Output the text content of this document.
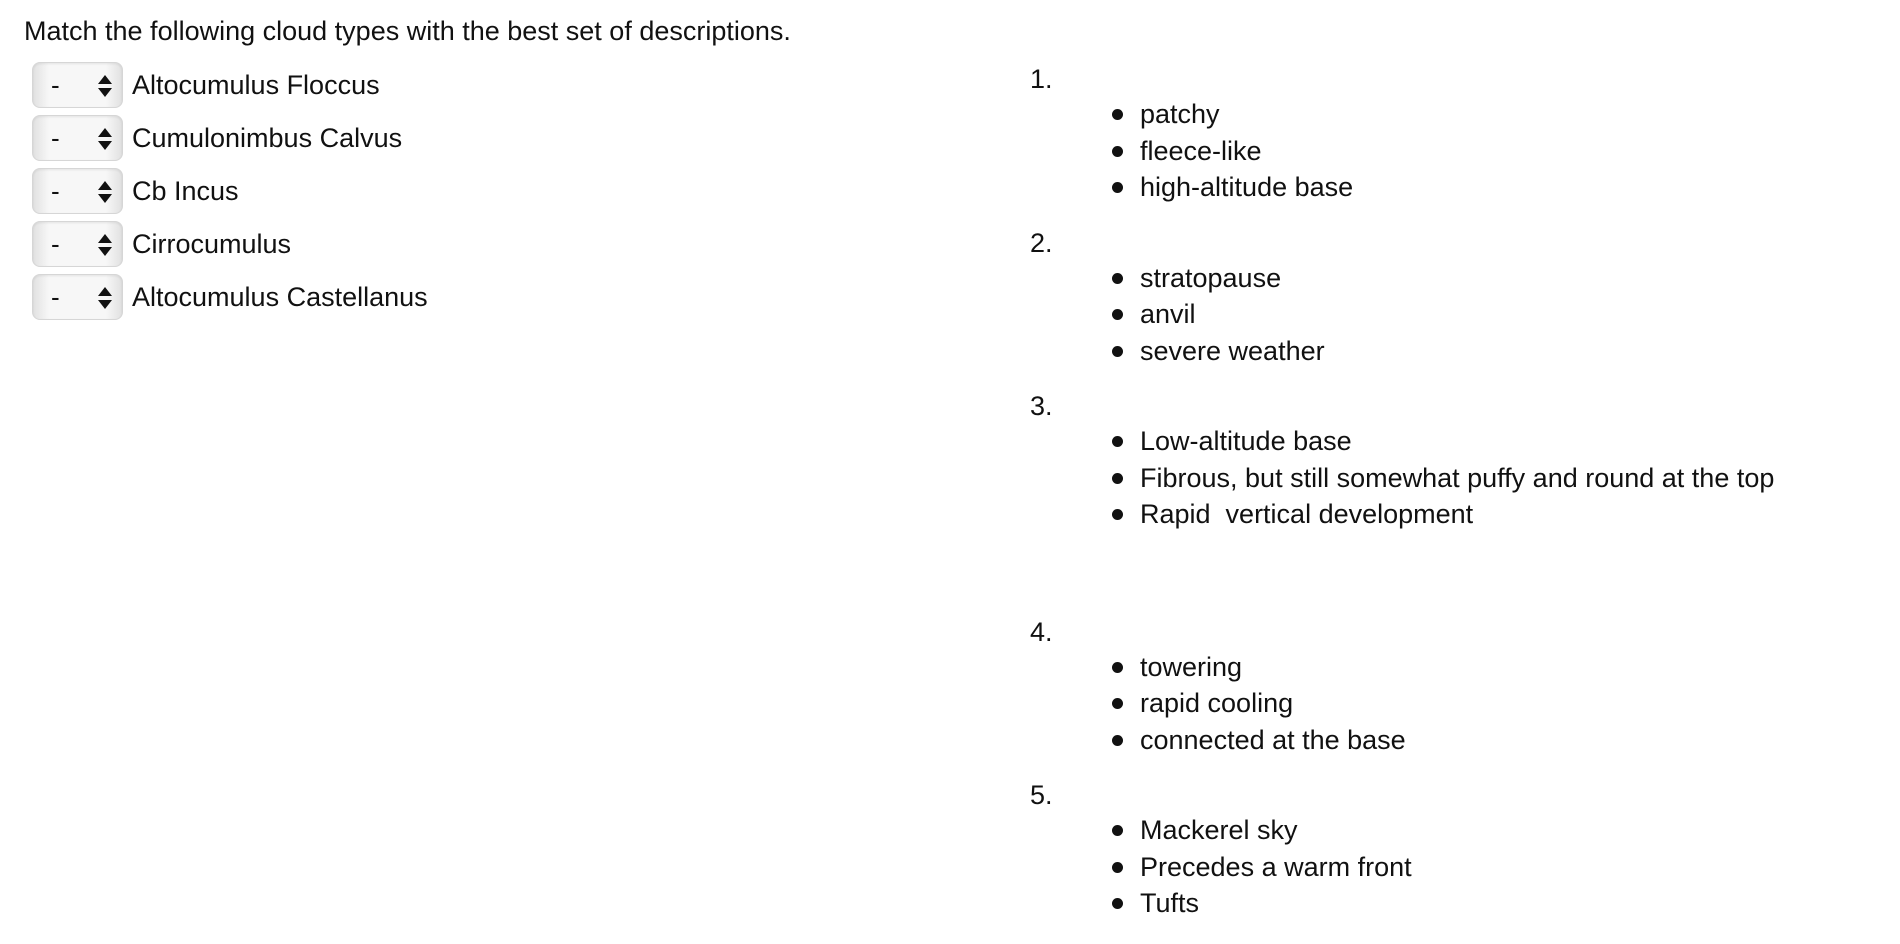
Match the following cloud types with the best set of descriptions.
-	Altocumulus Floccus
-	Cumulonimbus Calvus
-	Cb Incus
-	Cirrocumulus
-	Altocumulus Castellanus
1.
patchy
fleece-like
high-altitude base
2.
stratopause
anvil
severe weather
3.
Low-altitude base
Fibrous, but still somewhat puffy and round at the top
Rapid  vertical development
4.
towering
rapid cooling
connected at the base
5.
Mackerel sky
Precedes a warm front
Tufts
